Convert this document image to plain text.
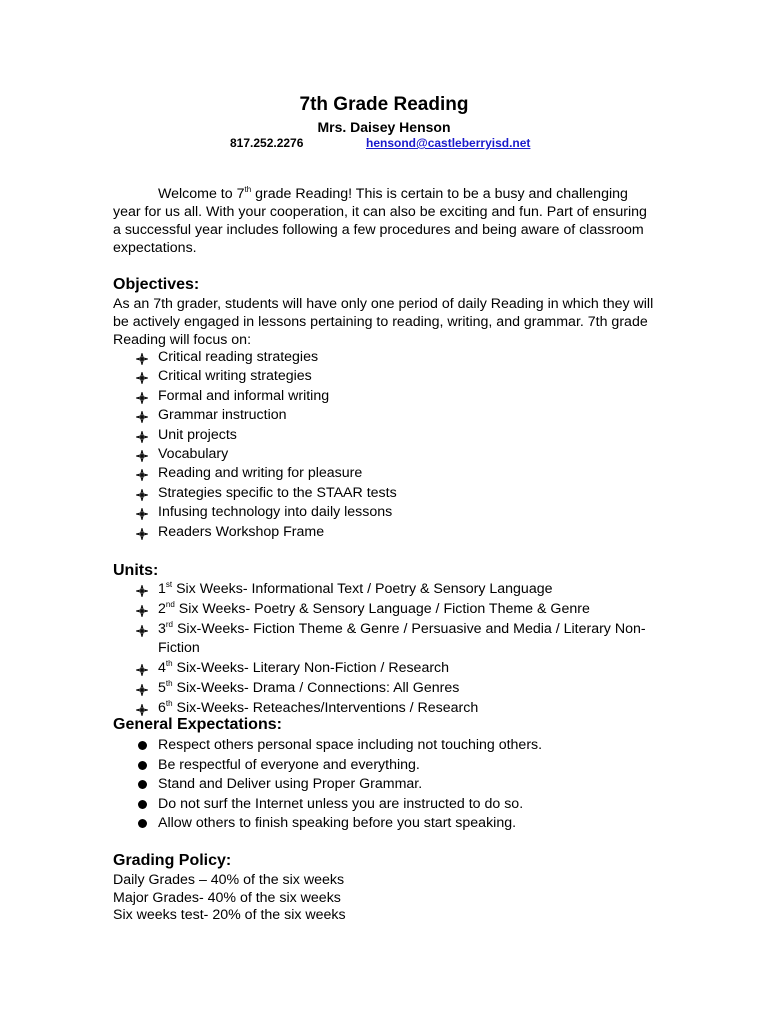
7th Grade Reading
Mrs. Daisey Henson
817.252.2276	hensond@castleberryisd.net
Welcome to 7th grade Reading! This is certain to be a busy and challenging year for us all. With your cooperation, it can also be exciting and fun. Part of ensuring a successful year includes following a few procedures and being aware of classroom expectations.
Objectives:
As an 7th grader, students will have only one period of daily Reading in which they will be actively engaged in lessons pertaining to reading, writing, and grammar. 7th grade Reading will focus on:
Critical reading strategies
Critical writing strategies
Formal and informal writing
Grammar instruction
Unit projects
Vocabulary
Reading and writing for pleasure
Strategies specific to the STAAR tests
Infusing technology into daily lessons
Readers Workshop Frame
Units:
1st Six Weeks- Informational Text / Poetry & Sensory Language
2nd Six Weeks- Poetry & Sensory Language / Fiction Theme & Genre
3rd Six-Weeks- Fiction Theme & Genre / Persuasive and Media / Literary Non-Fiction
4th Six-Weeks- Literary Non-Fiction / Research
5th Six-Weeks- Drama / Connections: All Genres
6th Six-Weeks- Reteaches/Interventions / Research
General Expectations:
Respect others personal space including not touching others.
Be respectful of everyone and everything.
Stand and Deliver using Proper Grammar.
Do not surf the Internet unless you are instructed to do so.
Allow others to finish speaking before you start speaking.
Grading Policy:
Daily Grades – 40% of the six weeks
Major Grades- 40% of the six weeks
Six weeks test- 20% of the six weeks
